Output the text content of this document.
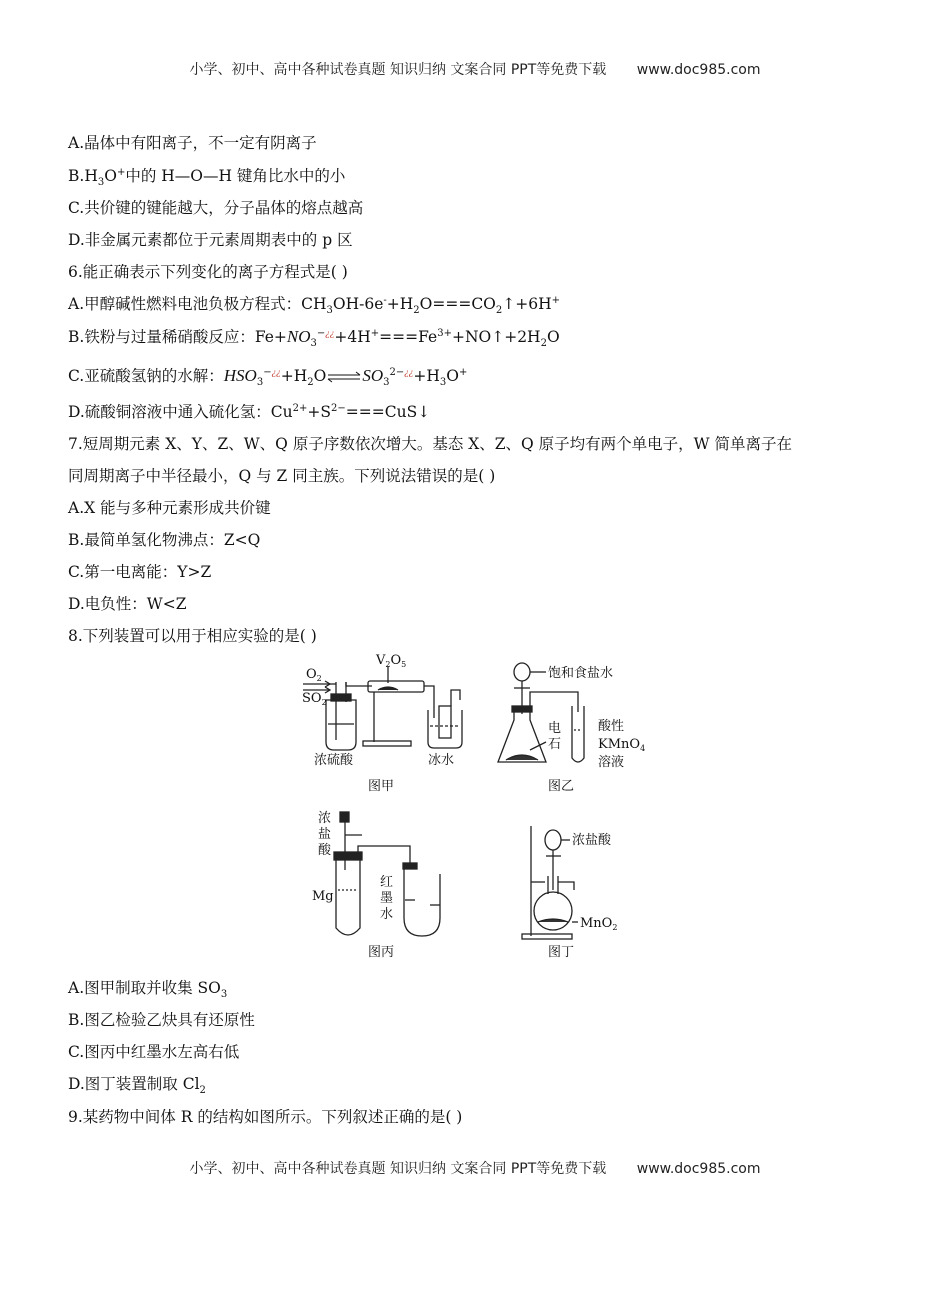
小学、初中、高中各种试卷真题 知识归纳 文案合同 PPT等免费下载 www.doc985.com
A.晶体中有阳离子，不一定有阴离子
$B.H_3O^+$中的 H—O—H 键角比水中的小
C.共价键的键能越大，分子晶体的熔点越高
D.非金属元素都位于元素周期表中的 p 区
6.能正确表示下列变化的离子方程式是( )
A.甲醇碱性燃料电池负极方程式：$CH_3OH-6e^-+H_2O===CO_2↑+6H^+$
B.铁粉与过量稀硝酸反应：$Fe+NO_3^{-¿¿}+4H^+===Fe^{3+}+NO↑+2H_2O$
C.亚硫酸氢钠的水解：$HSO_3^{-¿¿}+H_2O\rightleftharpoons SO_3^{2-¿¿}+H_3O^+$
D.硫酸铜溶液中通入硫化氢：$Cu^{2+}+S^{2-}===CuS↓$
7.短周期元素 X、Y、Z、W、Q 原子序数依次增大。基态 X、Z、Q 原子均有两个单电子，W 简单离子在
同周期离子中半径最小，Q 与 Z 同主族。下列说法错误的是( )
A.X 能与多种元素形成共价键
B.最简单氢化物沸点：Z<Q
C.第一电离能：Y>Z
D.电负性：W<Z
8.下列装置可以用于相应实验的是( )
$O_2$
$SO_2$
$V_2O_5$
浓硫酸	冰水
图甲
饱和食盐水
电
石
酸性
KMnO$_4$
溶液
图乙
浓
盐
酸
Mg
红
墨
水
图丙
浓盐酸
MnO$_2$
图丁
A.图甲制取并收集 $SO_3$
B.图乙检验乙炔具有还原性
C.图丙中红墨水左高右低
D.图丁装置制取 $Cl_2$
9.某药物中间体 R 的结构如图所示。下列叙述正确的是( )
小学、初中、高中各种试卷真题 知识归纳 文案合同 PPT等免费下载 www.doc985.com
